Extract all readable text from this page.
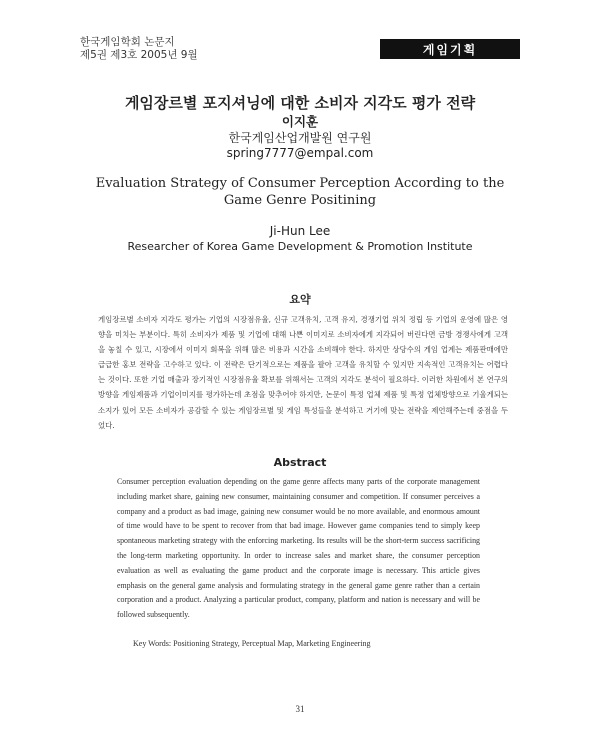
한국게임학회 논문지
제5권 제3호 2005년 9월	게임기획
게임장르별 포지셔닝에 대한 소비자 지각도 평가 전략
이지훈
한국게임산업개발원 연구원
spring7777@empal.com
Evaluation Strategy of Consumer Perception According to the
Game Genre Positining
Ji-Hun Lee
Researcher of Korea Game Development & Promotion Institute
요약
게임장르별 소비자 지각도 평가는 기업의 시장점유율, 신규 고객유치, 고객 유지, 경쟁기업 위치 정립 등 기업의 운영에 많은 영향을 미치는 부분이다. 특히 소비자가 제품 및 기업에 대해 나쁜 이미지로 소비자에게 지각되어 버린다면 금방 경쟁사에게 고객을 놓칠 수 있고, 시장에서 이미지 회복을 위해 많은 비용과 시간을 소비해야 한다. 하지만 상당수의 게임 업계는 제품판매에만 급급한 홍보 전략을 고수하고 있다. 이 전략은 단기적으로는 제품을 팔아 고객을 유치할 수 있지만 지속적인 고객유치는 어렵다는 것이다. 또한 기업 매출과 장기적인 시장점유율 확보를 위해서는 고객의 지각도 분석이 필요하다. 이러한 차원에서 본 연구의 방향을 게임제품과 기업이미지를 평가하는데 초점을 맞추어야 하지만, 논문이 특정 업체 제품 및 특정 업체방향으로 기울게되는 소지가 있어 모든 소비자가 공감할 수 있는 게임장르별 및 게임 특성들을 분석하고 거기에 맞는 전략을 제언해주는데 중점을 두었다.
Abstract

Consumer perception evaluation depending on the game genre affects many parts of the corporate management including market share, gaining new consumer, maintaining consumer and competition. If consumer perceives a company and a product as bad image, gaining new consumer would be no more available, and enormous amount of time would have to be spent to recover from that bad image. However game companies tend to simply keep spontaneous marketing strategy with the enforcing marketing. Its results will be the short-term success sacrificing the long-term marketing opportunity. In order to increase sales and market share, the consumer perception evaluation as well as evaluating the game product and the corporate image is necessary. This article gives emphasis on the general game analysis and formulating strategy in the general game genre rather than a certain corporation and a product. Analyzing a particular product, company, platform and nation is necessary and will be followed subsequently.

Key Words: Positioning Strategy, Perceptual Map, Marketing Engineering
31
